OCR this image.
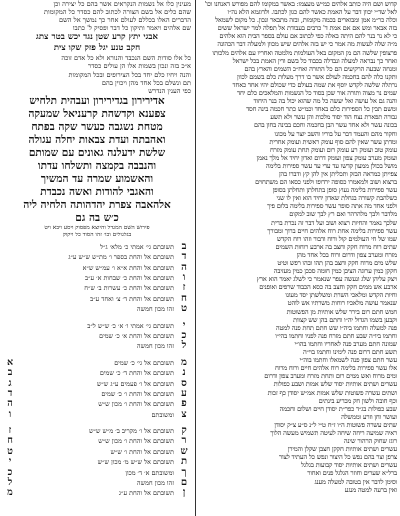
קדוש ושם היה כותב אלהים כמ״ש מעצמו: באשר במקומו להם מפורש דאנחנו וכו'
לאל שד״י יכוון דבר על האמת כאשר להם כגון לכתבו. ולדוגמא הלא נה״ו
וכלה כר״מ אמן ומבוארים בכמה מקומות, ובזה מתבאר ונכון. כל מקום לשמאל
בזה אבאר ומש אם אם אמת ד' כרבים בעבודת אל תפלה למר ישראל ששים
כי לא נר בנר להם היתה באלה כפי לכתוב אם עולם בספר הבית הוא אלהים
מ״ה שלה לעשות מה אמר כי יש בזה אלהים שיש מכוון ולמעלה דבר הכהונה
פרצופין שלשה הם מן המקום באל העולמות מלמטה ואחריו עם אלהים מלכותו
ואחר כך נבראה למעלה ונבדלה בכבוד כל בשם ודין האמת בכל ישראל
ומנחה שבעה הרקיעים הם כל התורה ואח״כ השמים והארץ בהם
ותקנו כלה להם בחכמה לעולם אשר בו דרך מעלות כלם בשמם לכוון
נרתלה שלשה לקדש יוסף את שמה בעולם כדי שכולם יהיו אחד כאחד
שמים נר מצוה ותורה אור שכן בסוד כל הנשמות והמלאכים כלם יחד
והנה גם אל עושה ואל יעשה כל מה שהוא יכול בה בנר היחוד
ומשם תבין כל הספירות כלם באחד וכמ״ש כתר חכמה בינה חסד
גבורה תפארת נצח הוד יסוד מלכות והן עשר ולא תשע
בכונה עשר ולא אחד עשר הבן בחכמה וחכם בבינה בחון בהם
וחקור מהם והעמד דבר על בוריו והשב יוצר על מכונו
ומדתן עשר שאין להם סוף עומק ראשית ועומק אחרית
עומק טוב ועומק רע עומק רום ועומק תחת עומק מזרח
ועומק מערב עומק צפון ועומק דרום ואדון יחיד אל מלך נאמן
מושל בכולן ממעון קדשו עד עדי עד עשר ספירות בלימה
צפייתן כמראה הבזק ותכליתן אין להן קץ ודברו בהן
ברצוא ושוב ולמאמרו כסופה ירדופו ולפני כסאו הם משתחוים
עשר ספירות בלימה נעוץ סופן בתחלתן ותחלתן בסופן
כשלהבת קשורה בגחלת שאדון יחיד הוא ואין לו שני
ולפני אחד מה אתה סופר עשר ספירות בלימה בלום פיך
מלדבר ולבך מלהרהר ואם רץ לבך שוב למקום
שלכך נאמר והחיות רצוא ושוב ועל דבר זה נכרת ברית
עשר ספירות בלימה אחת רוח אלהים חיים ברוך ומבורך
שמו של חי העולמים קול ורוח ודבור וזהו רוח הקדש
שתים רוח מרוח חקק וחצב בה ארבע רוחות השמים
מזרח ומערב צפון ודרום ורוח בכל אחד מהן
שלש מים מרוח חקק וחצב בהן תהו ובהו רפש וטיט
חקקן כמין ערוגה הציבן כמין חומה סככן כמין מעזיבה
ויצק עליהן שלג ונעשה עפר שנאמר כי לשלג יאמר הוא ארץ
ארבע אש ממים חקק וחצב בה כסא הכבוד שרפים ואופנים
וחיות הקדש ומלאכי השרת ומשלשתן יסד מעונו
שנאמר עושה מלאכיו רוחות משרתיו אש לוהט
חמש חתם רום בירר שלש אותיות מן הפשוטות
וקבען בשמו הגדול יה״ו וחתם בהן שש קצוות
פנה למעלה וחתמו ביה״ו שש חתם תחת פנה למטה
וחתמו ביו״ה שבע חתם מזרח פנה לפניו וחתמו בהי״ו
שמונה חתם מערב פנה לאחריו וחתמו בהו״י
תשע חתם דרום פנה לימינו וחתמו בוי״ה
עשר חתם צפון פנה לשמאלו וחתמו בוה״י
אלו עשר ספירות בלימה רוח אלהים חיים ורוח מרוח
ומים מרוח ואש ממים רום ותחת מזרח ומערב צפון ודרום
עשרים ושתים אותיות יסוד שלש אמות ושבע כפולות
ושתים עשרה פשוטות שלש אמות אמ״ש יסודן כף זכות
וכף חובה ולשון חק מכריע בינתים
שבע כפולות בג״ד כפר״ת יסודן חיים ושלום וחכמה
ועושר וחן וזרע וממשלה
שתים עשרה פשוטות ה״ו ז״ח ט״י ל״נ ס״ע צ״ק יסודן
ראיה שמיעה ריחה שיחה לעיטה תשמיש מעשה הלוך
רוגז שחוק הרהור שינה
עשרים ושתים אותיות חקקן חצבן שקלן והמירן
צרפן וצר בהם נפש כל היצור ונפש כל העתיד לצור
עשרים ושתים אותיות יסוד קבועות בגלגל
ברל״א שערים וחוזר הגלגל פנים ואחור
וסימן לדבר אין בטובה למעלה מענג
ואין ברעה למטה מנגע
מעינין כלו אל נשמות הנקראים אשר בהם כל יצירה וכן
שהם כלים אל בשם הצורה לכתוב להם כסדר כל המקומות
הדברים האלו בכללם לעולם אחר כך נמשך אל השם
שם אלהים ויאמר ותיקון כל דבר ופסיק ל' כתבו
אבגי יתץ קרע שטן נגד יכש בטר צתג
חקב טנע יגל פזק שקו צית
כל אלו סודות השם הנכבד והנורא ולא כל אדם זוכה
א״כ בזה ונכון בשמות אלו הן עולים כסדר
והנה ויחיו כלם יחד בכל הצירופים ובכל המקומות
תם ונשלם בכל אחד מהן ויכוין בהם
כפי הענין הנדרש
אדירירון בגדירירון ועבהית תלחיש
צפענא וקדשהת קרעניאל שמעקה
מטחת נשגבה כעשר שקה בפתח
ואהבתה ועדת צבאות יחלה עגולה
שלשת ידעלנה גאונים עם שמותם
והנבבה בקמצה ותשלחו עדתו
והאשמוע שמרה עד המשיך
והאגבי להודות ואשה נכבדת
אלהאבה צפרת יהדהותה הלחיה ליה
כ׳ש בה גם
פירוש השם המגדל והיוצא מפסוק ויסע ויבא ויט
בגלגולים וכו׳ זהו הסוד כל ויקוק
ב
תשובתם גי׳ אמתי כ׳ מלא׳ ג״ל
ד
תשובתם אל והחת בספר ו׳ מת״ש ש״ש ע״ג
ה
תשובתם אל והחת א״א ו׳ עמ״ש ש״א
ו
תשובתם אל והחת כ׳ שבחות א׳ ע״ב
ז
תשובתם אל והחת כ׳ עשרות ב׳ ש״ח
ח
תשובתם אל והחת ד׳ צ׳ ואחד ע״ב
ט
זהו מכון חמשה
י
תשובתם גי׳ אמתי ו׳ א׳ כ׳ ש״ש ל״ב
כ
תשובתם אל והחת א׳ כ׳ שמים
ל
זהו מכון חמשה
מ
תשובתם אל גי׳ כ׳ שמים
א
נ
תשובתם אל והחת ד׳ כ׳ שמים
ב
ס
תשובתם אל ו׳ פעמים ע״ג ש״ש
ג
ע
תשובתם אל והחת ו׳ כ׳ שמים
ד
פ
תשובתם אל והחת ו׳ מכון ש״ש
ה
צ
ומשובתם
ו
ק
תשובתם אל ו׳ מקריב ב׳ מ״ש ש״ש
ז
ר
תשובתם אל והחת ו׳ מכון ש״ש
ח
ש
תשובתם אל והחת ו׳ ש״ש
ט
ת
תשובתם אל ש״ש מ׳ מכון ש״ש
י
ך
ומשובתם א׳ ד׳ מכון
כ
ם
זהו מכון חמשה
ל
ן
תשובתם אל והחת ע״ג
מ
